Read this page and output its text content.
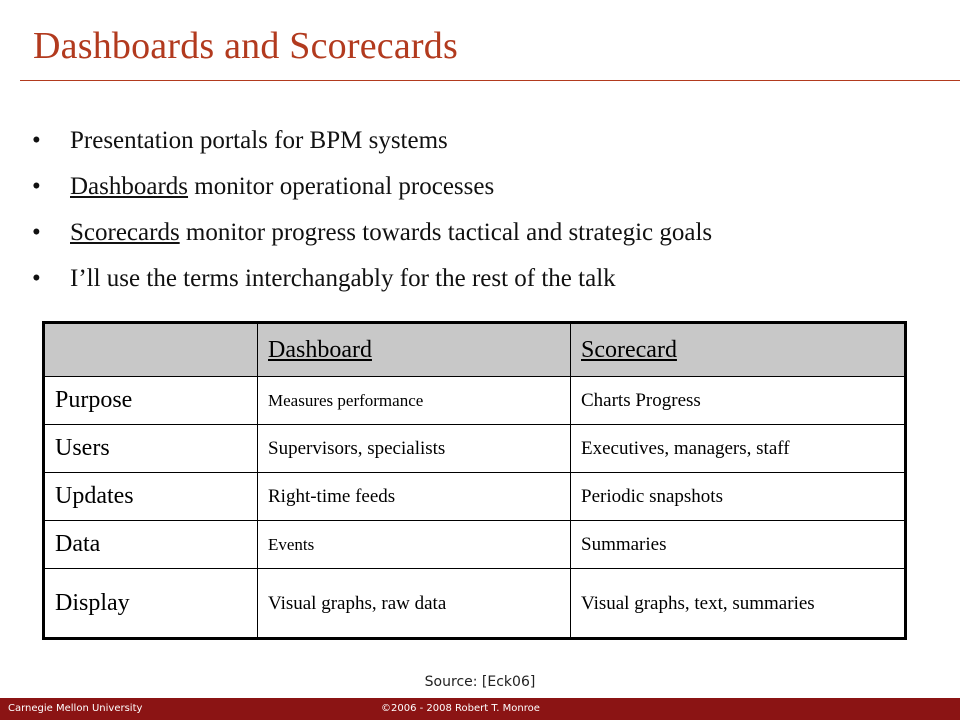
Dashboards and Scorecards
• Presentation portals for BPM systems
• Dashboards monitor operational processes
• Scorecards monitor progress towards tactical and strategic goals
• I’ll use the terms interchangably for the rest of the talk
	Dashboard	Scorecard
Purpose	Measures performance	Charts Progress
Users	Supervisors, specialists	Executives, managers, staff
Updates	Right-time feeds	Periodic snapshots
Data	Events	Summaries
Display	Visual graphs, raw data	Visual graphs, text, summaries
Source: [Eck06]
Carnegie Mellon University	©2006 - 2008 Robert T. Monroe
